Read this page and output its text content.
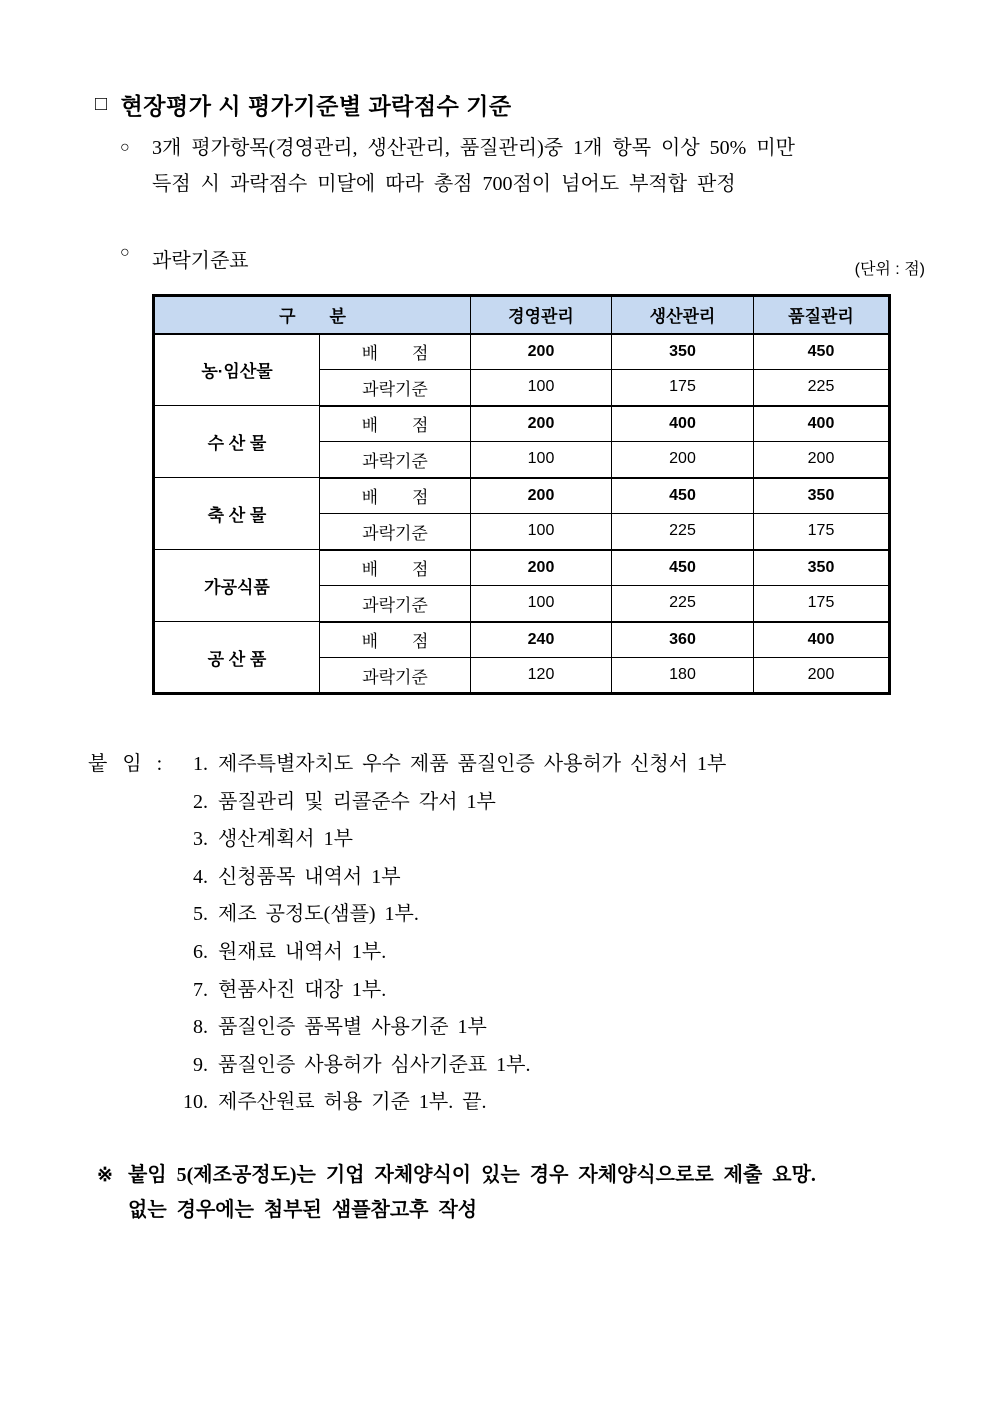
□ 현장평가 시 평가기준별 과락점수 기준
○	3개 평가항목(경영관리, 생산관리, 품질관리)중 1개 항목 이상 50% 미만
득점 시 과락점수 미달에 따라 총점 700점이 넘어도 부적합 판정
○	과락기준표	(단위 : 점)
구　　분		경영관리	생산관리	품질관리
농·임산물	배　　점	200	350	450
	과락기준	100	175	225
수 산 물	배　　점	200	400	400
	과락기준	100	200	200
축 산 물	배　　점	200	450	350
	과락기준	100	225	175
가공식품	배　　점	200	450	350
	과락기준	100	225	175
공 산 품	배　　점	240	360	400
	과락기준	120	180	200
붙 임 :	1. 제주특별자치도 우수 제품 품질인증 사용허가 신청서 1부
2. 품질관리 및 리콜준수 각서 1부
3. 생산계획서 1부
4. 신청품목 내역서 1부
5. 제조 공정도(샘플) 1부.
6. 원재료 내역서 1부.
7. 현품사진 대장 1부.
8. 품질인증 품목별 사용기준 1부
9. 품질인증 사용허가 심사기준표 1부.
10. 제주산원료 허용 기준 1부. 끝.
※ 붙임 5(제조공정도)는 기업 자체양식이 있는 경우 자체양식으로로 제출 요망.
없는 경우에는 첨부된 샘플참고후 작성
